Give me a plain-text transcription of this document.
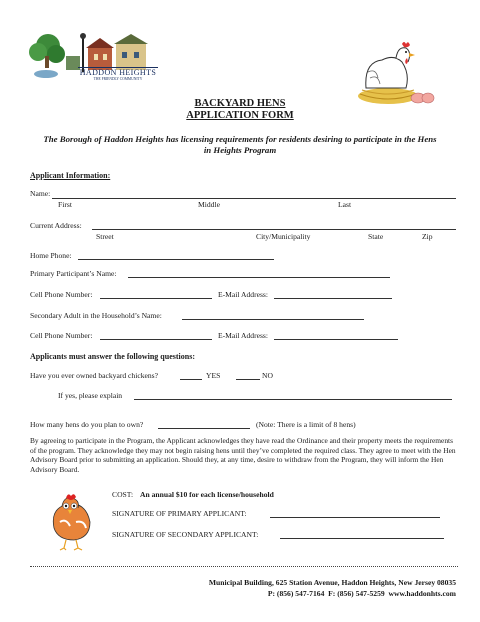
HADDON HEIGHTS
THE FRIENDLY COMMUNITY
BACKYARD HENS
APPLICATION FORM
The Borough of Haddon Heights has licensing requirements for residents desiring to participate in the Hens in Heights Program
Applicant Information:
Name:
First	Middle	Last
Current Address:
Street	City/Municipality	State	Zip
Home Phone:
Primary Participant’s Name:
Cell Phone Number:	E-Mail Address:
Secondary Adult in the Household’s Name:
Cell Phone Number:	E-Mail Address:
Applicants must answer the following questions:
Have you ever owned backyard chickens?	YES	NO
If yes, please explain
How many hens do you plan to own?	(Note: There is a limit of 8 hens)
By agreeing to participate in the Program, the Applicant acknowledges they have read the Ordinance and their property meets the requirements of the program. They acknowledge they may not begin raising hens until they’ve completed the required class. They agree to meet with the Hen Advisory Board prior to submitting an application. Should they, at any time, desire to withdraw from the Program, they will inform the Hen Advisory Board.
COST: An annual $10 for each license/household
SIGNATURE OF PRIMARY APPLICANT:
SIGNATURE OF SECONDARY APPLICANT:
Municipal Building, 625 Station Avenue, Haddon Heights, New Jersey 08035
P: (856) 547-7164  F: (856) 547-5259  www.haddonhts.com
